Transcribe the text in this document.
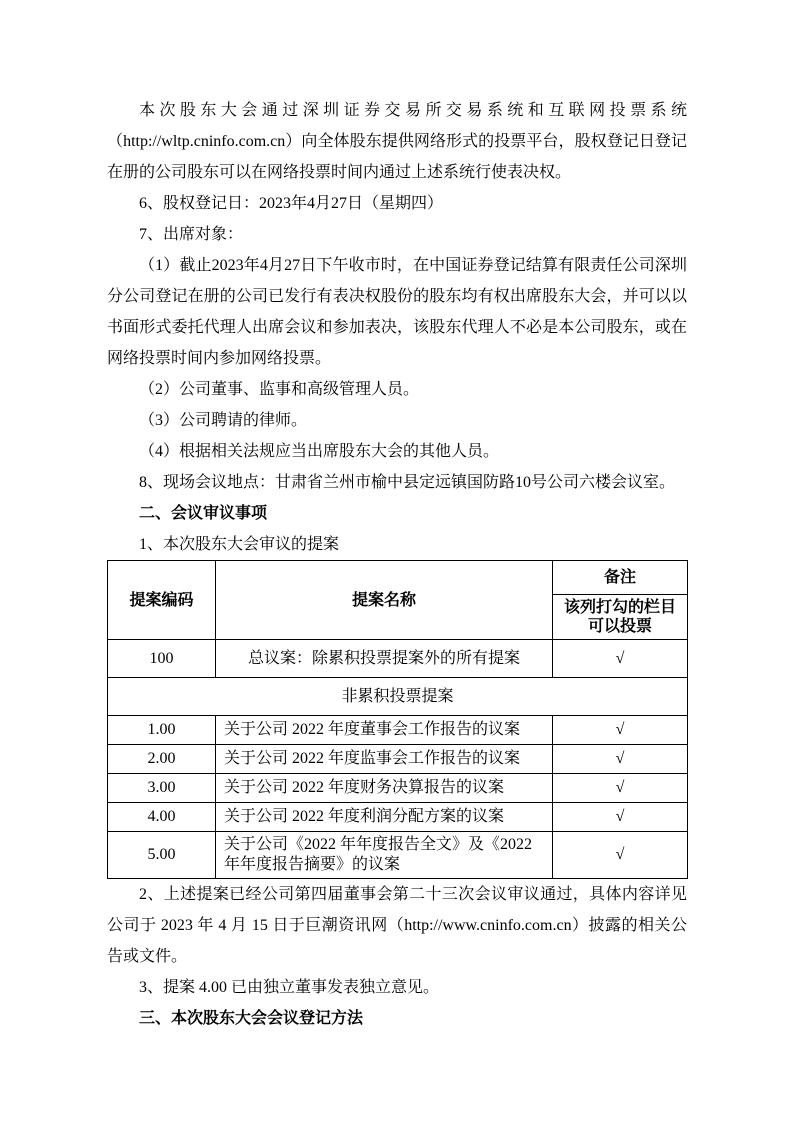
本次股东大会通过深圳证券交易所交易系统和互联网投票系统（http://wltp.cninfo.com.cn）向全体股东提供网络形式的投票平台，股权登记日登记在册的公司股东可以在网络投票时间内通过上述系统行使表决权。

6、股权登记日：2023年4月27日（星期四）

7、出席对象：

（1）截止2023年4月27日下午收市时，在中国证券登记结算有限责任公司深圳分公司登记在册的公司已发行有表决权股份的股东均有权出席股东大会，并可以以书面形式委托代理人出席会议和参加表决，该股东代理人不必是本公司股东，或在网络投票时间内参加网络投票。

（2）公司董事、监事和高级管理人员。

（3）公司聘请的律师。

（4）根据相关法规应当出席股东大会的其他人员。

8、现场会议地点：甘肃省兰州市榆中县定远镇国防路10号公司六楼会议室。

二、会议审议事项

1、本次股东大会审议的提案

提案编码	提案名称	备注
		该列打勾的栏目可以投票
100	总议案：除累积投票提案外的所有提案	√
非累积投票提案		
1.00	关于公司 2022 年度董事会工作报告的议案	√
2.00	关于公司 2022 年度监事会工作报告的议案	√
3.00	关于公司 2022 年度财务决算报告的议案	√
4.00	关于公司 2022 年度利润分配方案的议案	√
5.00	关于公司《2022 年年度报告全文》及《2022 年年度报告摘要》的议案	√

2、上述提案已经公司第四届董事会第二十三次会议审议通过，具体内容详见公司于 2023 年 4 月 15 日于巨潮资讯网（http://www.cninfo.com.cn）披露的相关公告或文件。

3、提案 4.00 已由独立董事发表独立意见。

三、本次股东大会会议登记方法
